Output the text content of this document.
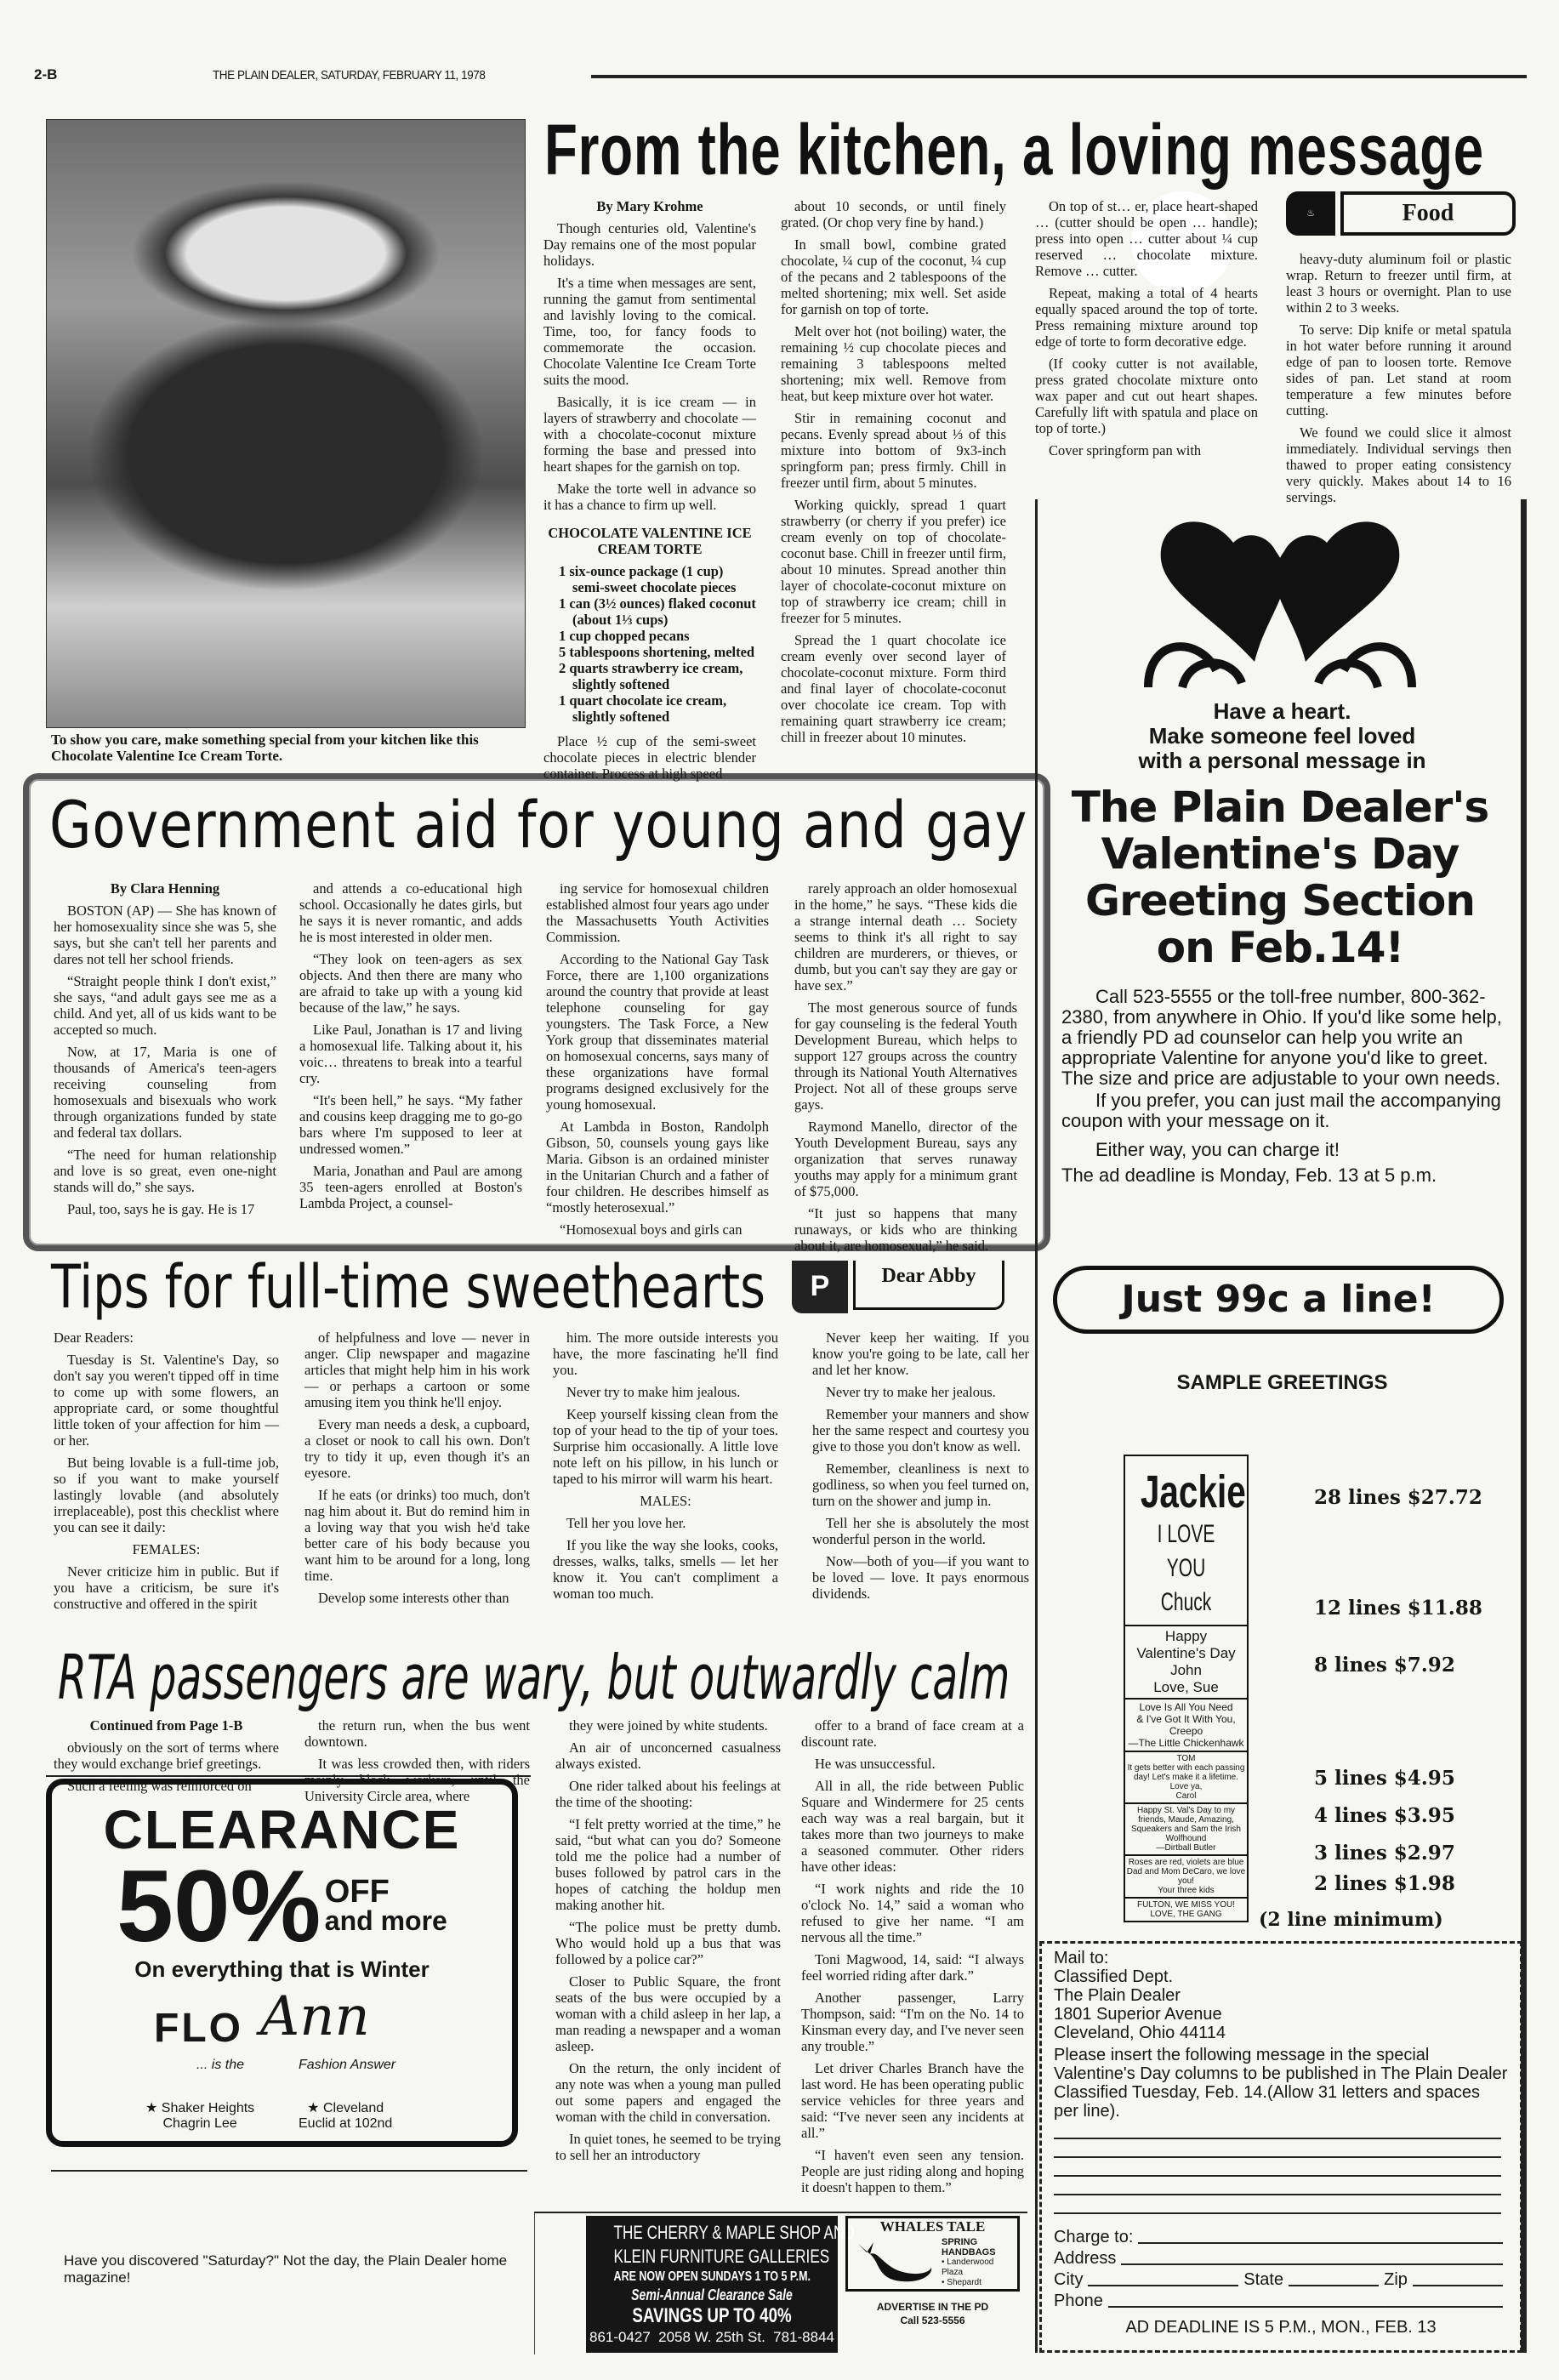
2-B	THE PLAIN DEALER, SATURDAY, FEBRUARY 11, 1978
To show you care, make something special from your kitchen like this Chocolate Valentine Ice Cream Torte.
From the kitchen, a loving message

By Mary Krohme

Though centuries old, Valentine's Day remains one of the most popular holidays.

It's a time when messages are sent, running the gamut from sentimental and lavishly loving to the comical. Time, too, for fancy foods to commemorate the occasion. Chocolate Valentine Ice Cream Torte suits the mood.

Basically, it is ice cream — in layers of strawberry and chocolate — with a chocolate-coconut mixture forming the base and pressed into heart shapes for the garnish on top.

Make the torte well in advance so it has a chance to firm up well.

CHOCOLATE VALENTINE ICE CREAM TORTE

1 six-ounce package (1 cup) semi-sweet chocolate pieces

1 can (3½ ounces) flaked coconut (about 1⅓ cups)

1 cup chopped pecans

5 tablespoons shortening, melted

2 quarts strawberry ice cream, slightly softened

1 quart chocolate ice cream, slightly softened

Place ½ cup of the semi-sweet chocolate pieces in electric blender container. Process at high speed

about 10 seconds, or until finely grated. (Or chop very fine by hand.)

In small bowl, combine grated chocolate, ¼ cup of the coconut, ¼ cup of the pecans and 2 tablespoons of the melted shortening; mix well. Set aside for garnish on top of torte.

Melt over hot (not boiling) water, the remaining ½ cup chocolate pieces and remaining 3 tablespoons melted shortening; mix well. Remove from heat, but keep mixture over hot water.

Stir in remaining coconut and pecans. Evenly spread about ⅓ of this mixture into bottom of 9x3-inch springform pan; press firmly. Chill in freezer until firm, about 5 minutes.

Working quickly, spread 1 quart strawberry (or cherry if you prefer) ice cream evenly on top of chocolate-coconut base. Chill in freezer until firm, about 10 minutes. Spread another thin layer of chocolate-coconut mixture on top of strawberry ice cream; chill in freezer for 5 minutes.

Spread the 1 quart chocolate ice cream evenly over second layer of chocolate-coconut mixture. Form third and final layer of chocolate-coconut over chocolate ice cream. Top with remaining quart strawberry ice cream; chill in freezer about 10 minutes.

On top of st… er, place heart-shaped … (cutter should be open … handle); press into open … cutter about ¼ cup reserved … chocolate mixture. Remove … cutter.

Repeat, making a total of 4 hearts equally spaced around the top of torte. Press remaining mixture around top edge of torte to form decorative edge.

(If cooky cutter is not available, press grated chocolate mixture onto wax paper and cut out heart shapes. Carefully lift with spatula and place on top of torte.)

Cover springform pan with

♨	Food

heavy-duty aluminum foil or plastic wrap. Return to freezer until firm, at least 3 hours or overnight. Plan to use within 2 to 3 weeks.

To serve: Dip knife or metal spatula in hot water before running it around edge of pan to loosen torte. Remove sides of pan. Let stand at room temperature a few minutes before cutting.

We found we could slice it almost immediately. Individual servings then thawed to proper eating consistency very quickly. Makes about 14 to 16 servings.

Government aid for young and gay

By Clara Henning

BOSTON (AP) — She has known of her homosexuality since she was 5, she says, but she can't tell her parents and dares not tell her school friends.

“Straight people think I don't exist,” she says, “and adult gays see me as a child. And yet, all of us kids want to be accepted so much.

Now, at 17, Maria is one of thousands of America's teen-agers receiving counseling from homosexuals and bisexuals who work through organizations funded by state and federal tax dollars.

“The need for human relationship and love is so great, even one-night stands will do,” she says.

Paul, too, says he is gay. He is 17

and attends a co-educational high school. Occasionally he dates girls, but he says it is never romantic, and adds he is most interested in older men.

“They look on teen-agers as sex objects. And then there are many who are afraid to take up with a young kid because of the law,” he says.

Like Paul, Jonathan is 17 and living a homosexual life. Talking about it, his voic… threatens to break into a tearful cry.

“It's been hell,” he says. “My father and cousins keep dragging me to go-go bars where I'm supposed to leer at undressed women.”

Maria, Jonathan and Paul are among 35 teen-agers enrolled at Boston's Lambda Project, a counsel-

ing service for homosexual children established almost four years ago under the Massachusetts Youth Activities Commission.

According to the National Gay Task Force, there are 1,100 organizations around the country that provide at least telephone counseling for gay youngsters. The Task Force, a New York group that disseminates material on homosexual concerns, says many of these organizations have formal programs designed exclusively for the young homosexual.

At Lambda in Boston, Randolph Gibson, 50, counsels young gays like Maria. Gibson is an ordained minister in the Unitarian Church and a father of four children. He describes himself as “mostly heterosexual.”

“Homosexual boys and girls can

rarely approach an older homosexual in the home,” he says. “These kids die a strange internal death … Society seems to think it's all right to say children are murderers, or thieves, or dumb, but you can't say they are gay or have sex.”

The most generous source of funds for gay counseling is the federal Youth Development Bureau, which helps to support 127 groups across the country through its National Youth Alternatives Project. Not all of these groups serve gays.

Raymond Manello, director of the Youth Development Bureau, says any organization that serves runaway youths may apply for a minimum grant of $75,000.

“It just so happens that many runaways, or kids who are thinking about it, are homosexual,” he said.

Tips for full-time sweethearts	P	Dear Abby

Dear Readers:

Tuesday is St. Valentine's Day, so don't say you weren't tipped off in time to come up with some flowers, an appropriate card, or some thoughtful little token of your affection for him — or her.

But being lovable is a full-time job, so if you want to make yourself lastingly lovable (and absolutely irreplaceable), post this checklist where you can see it daily:

FEMALES:

Never criticize him in public. But if you have a criticism, be sure it's constructive and offered in the spirit

of helpfulness and love — never in anger. Clip newspaper and magazine articles that might help him in his work — or perhaps a cartoon or some amusing item you think he'll enjoy.

Every man needs a desk, a cupboard, a closet or nook to call his own. Don't try to tidy it up, even though it's an eyesore.

If he eats (or drinks) too much, don't nag him about it. But do remind him in a loving way that you wish he'd take better care of his body because you want him to be around for a long, long time.

Develop some interests other than

him. The more outside interests you have, the more fascinating he'll find you.

Never try to make him jealous.

Keep yourself kissing clean from the top of your head to the tip of your toes. Surprise him occasionally. A little love note left on his pillow, in his lunch or taped to his mirror will warm his heart.

MALES:

Tell her you love her.

If you like the way she looks, cooks, dresses, walks, talks, smells — let her know it. You can't compliment a woman too much.

Never keep her waiting. If you know you're going to be late, call her and let her know.

Never try to make her jealous.

Remember your manners and show her the same respect and courtesy you give to those you don't know as well.

Remember, cleanliness is next to godliness, so when you feel turned on, turn on the shower and jump in.

Tell her she is absolutely the most wonderful person in the world.

Now—both of you—if you want to be loved — love. It pays enormous dividends.

RTA passengers are wary, but outwardly calm

Continued from Page 1-B

obviously on the sort of terms where they would exchange brief greetings.

Such a feeling was reinforced on

the return run, when the bus went downtown.

It was less crowded then, with riders mainly black workers, until the University Circle area, where

they were joined by white students.

An air of unconcerned casualness always existed.

One rider talked about his feelings at the time of the shooting:

“I felt pretty worried at the time,” he said, “but what can you do? Someone told me the police had a number of buses followed by patrol cars in the hopes of catching the holdup men making another hit.

“The police must be pretty dumb. Who would hold up a bus that was followed by a police car?”

Closer to Public Square, the front seats of the bus were occupied by a woman with a child asleep in her lap, a man reading a newspaper and a woman asleep.

On the return, the only incident of any note was when a young man pulled out some papers and engaged the woman with the child in conversation.

In quiet tones, he seemed to be trying to sell her an introductory

offer to a brand of face cream at a discount rate.

He was unsuccessful.

All in all, the ride between Public Square and Windermere for 25 cents each way was a real bargain, but it takes more than two journeys to make a seasoned commuter. Other riders have other ideas:

“I work nights and ride the 10 o'clock No. 14,” said a woman who refused to give her name. “I am nervous all the time.”

Toni Magwood, 14, said: “I always feel worried riding after dark.”

Another passenger, Larry Thompson, said: “I'm on the No. 14 to Kinsman every day, and I've never seen any trouble.”

Let driver Charles Branch have the last word. He has been operating public service vehicles for three years and said: “I've never seen any incidents at all.”

“I haven't even seen any tension. People are just riding along and hoping it doesn't happen to them.”

CLEARANCE
50% OFF
and more
On everything that is Winter
FLO Ann
... is the	Fashion Answer
★ Shaker Heights
Chagrin Lee
★ Cleveland
Euclid at 102nd
Have you discovered "Saturday?" Not the day, the Plain Dealer home magazine!
THE CHERRY & MAPLE SHOP AND
KLEIN FURNITURE GALLERIES
ARE NOW OPEN SUNDAYS 1 TO 5 P.M.
Semi-Annual Clearance Sale
SAVINGS UP TO 40%
861-0427 2058 W. 25th St. 781-8844
WHALES TALE
SPRING
HANDBAGS
• Landerwood Plaza
• Shepardt
ADVERTISE IN THE PD
Call 523-5556
Have a heart.
Make someone feel loved
with a personal message in
The Plain Dealer's
Valentine's Day
Greeting Section
on Feb.14!

Call 523-5555 or the toll-free number, 800-362-2380, from anywhere in Ohio. If you'd like some help, a friendly PD ad counselor can help you write an appropriate Valentine for anyone you'd like to greet. The size and price are adjustable to your own needs.

If you prefer, you can just mail the accompanying coupon with your message on it.

Either way, you can charge it!

The ad deadline is Monday, Feb. 13 at 5 p.m.

Just 99c a line!
SAMPLE GREETINGS
Jackie
I LOVE
YOU
Chuck

Happy

Valentine's Day

John

Love, Sue

Love Is All You Need

& I've Got It With You,

Creepo

—The Little Chickenhawk

TOM

It gets better with each passing day! Let's make it a lifetime.

Love ya,

Carol

Happy St. Val's Day to my friends, Maude, Amazing, Squeakers and Sam the Irish Wolfhound

—Dirtball Butler

Roses are red, violets are blue

Dad and Mom DeCaro, we love you!

Your three kids

FULTON, WE MISS YOU!

LOVE, THE GANG

28 lines $27.72
12 lines $11.88
8 lines $7.92
5 lines $4.95
4 lines $3.95
3 lines $2.97
2 lines $1.98
(2 line minimum)

Mail to:

Classified Dept.

The Plain Dealer

1801 Superior Avenue

Cleveland, Ohio 44114

Please insert the following message in the special Valentine's Day columns to be published in The Plain Dealer Classified Tuesday, Feb. 14.(Allow 31 letters and spaces per line).

Charge to:
Address
City	State	Zip
Phone
AD DEADLINE IS 5 P.M., MON., FEB. 13
